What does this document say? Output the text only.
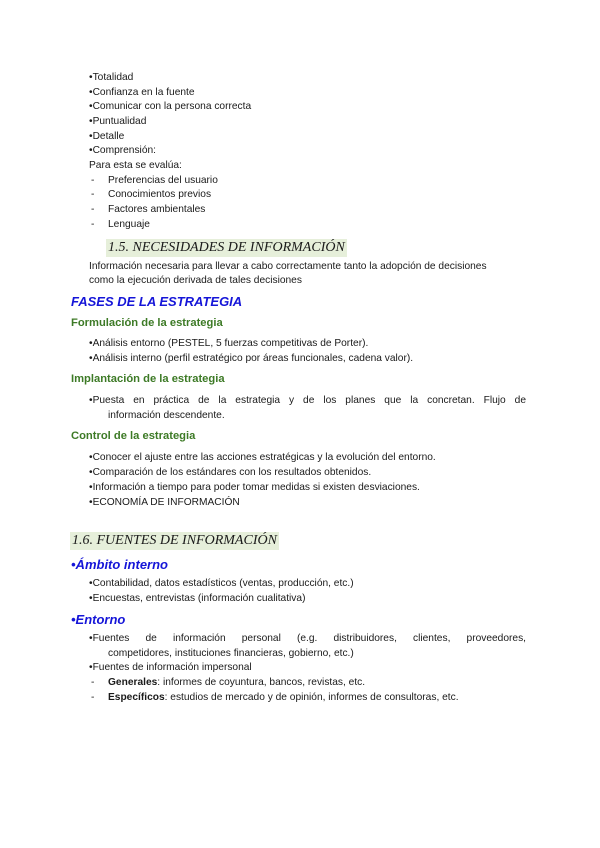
•Totalidad
•Confianza en la fuente
•Comunicar con la persona correcta
•Puntualidad
•Detalle
•Comprensión:
Para esta se evalúa:
- Preferencias del usuario
- Conocimientos previos
- Factores ambientales
- Lenguaje
1.5. NECESIDADES DE INFORMACIÓN
Información necesaria para llevar a cabo correctamente tanto la adopción de decisiones
como la ejecución derivada de tales decisiones
FASES DE LA ESTRATEGIA
Formulación de la estrategia
•Análisis entorno (PESTEL, 5 fuerzas competitivas de Porter).
•Análisis interno (perfil estratégico por áreas funcionales, cadena valor).
Implantación de la estrategia
•Puesta en práctica de la estrategia y de los planes que la concretan. Flujo de
información descendente.
Control de la estrategia
•Conocer el ajuste entre las acciones estratégicas y la evolución del entorno.
•Comparación de los estándares con los resultados obtenidos.
•Información a tiempo para poder tomar medidas si existen desviaciones.
•ECONOMÍA DE INFORMACIÓN
1.6. FUENTES DE INFORMACIÓN
•Ámbito interno
•Contabilidad, datos estadísticos (ventas, producción, etc.)
•Encuestas, entrevistas (información cualitativa)
•Entorno
•Fuentes de información personal (e.g. distribuidores, clientes, proveedores,
competidores, instituciones financieras, gobierno, etc.)
•Fuentes de información impersonal
- Generales: informes de coyuntura, bancos, revistas, etc.
- Específicos: estudios de mercado y de opinión, informes de consultoras, etc.
